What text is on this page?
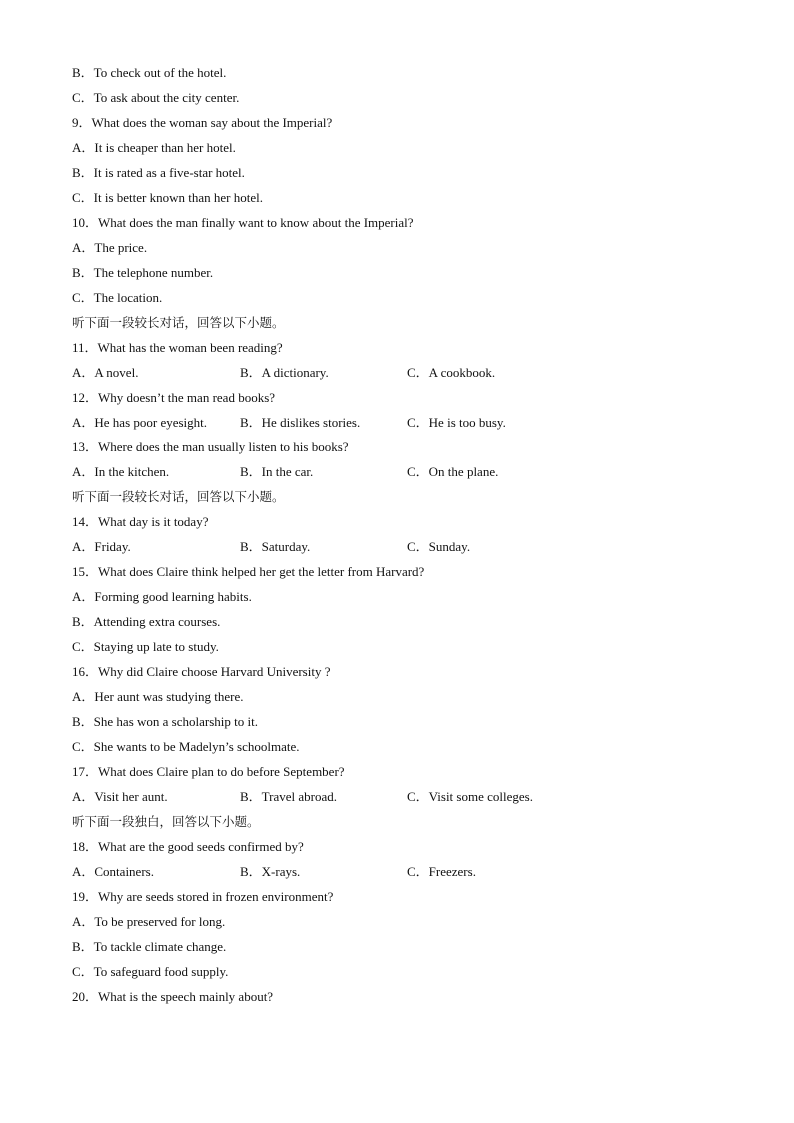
B．To check out of the hotel.
C．To ask about the city center.
9．What does the woman say about the Imperial?
A．It is cheaper than her hotel.
B．It is rated as a five-star hotel.
C．It is better known than her hotel.
10．What does the man finally want to know about the Imperial?
A．The price.
B．The telephone number.
C．The location.
听下面一段较长对话，回答以下小题。
11．What has the woman been reading?
A．A novel.	B．A dictionary.	C．A cookbook.
12．Why doesn’t the man read books?
A．He has poor eyesight.	B．He dislikes stories.	C．He is too busy.
13．Where does the man usually listen to his books?
A．In the kitchen.	B．In the car.	C．On the plane.
听下面一段较长对话，回答以下小题。
14．What day is it today?
A．Friday.	B．Saturday.	C．Sunday.
15．What does Claire think helped her get the letter from Harvard?
A．Forming good learning habits.
B．Attending extra courses.
C．Staying up late to study.
16．Why did Claire choose Harvard University ?
A．Her aunt was studying there.
B．She has won a scholarship to it.
C．She wants to be Madelyn’s schoolmate.
17．What does Claire plan to do before September?
A．Visit her aunt.	B．Travel abroad.	C．Visit some colleges.
听下面一段独白，回答以下小题。
18．What are the good seeds confirmed by?
A．Containers.	B．X-rays.	C．Freezers.
19．Why are seeds stored in frozen environment?
A．To be preserved for long.
B．To tackle climate change.
C．To safeguard food supply.
20．What is the speech mainly about?
